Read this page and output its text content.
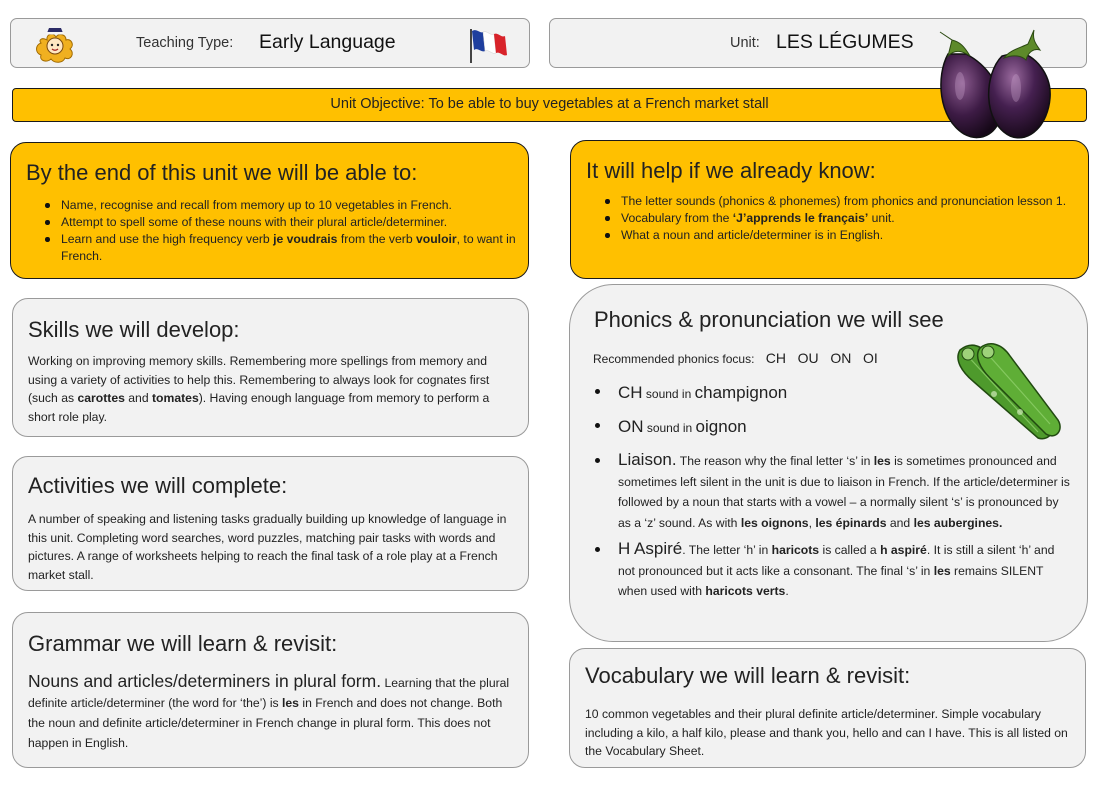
Teaching Type: Early Language	Unit: LES LÉGUMES
Unit Objective: To be able to buy vegetables at a French market stall
By the end of this unit we will be able to:
Name, recognise and recall from memory up to 10 vegetables in French.
Attempt to spell some of these nouns with their plural article/determiner.
Learn and use the high frequency verb je voudrais from the verb vouloir, to want in French.
It will help if we already know:
The letter sounds (phonics & phonemes) from phonics and pronunciation lesson 1.
Vocabulary from the ‘J’apprends le français’ unit.
What a noun and article/determiner is in English.
Skills we will develop:
Working on improving memory skills. Remembering more spellings from memory and using a variety of activities to help this. Remembering to always look for cognates first (such as carottes and tomates). Having enough language from memory to perform a short role play.
Activities we will complete:
A number of speaking and listening tasks gradually building up knowledge of language in this unit. Completing word searches, word puzzles, matching pair tasks with words and pictures. A range of worksheets helping to reach the final task of a role play at a French market stall.
Grammar we will learn & revisit:
Nouns and articles/determiners in plural form. Learning that the plural definite article/determiner (the word for ‘the’) is les in French and does not change. Both the noun and definite article/determiner in French change in plural form. This does not happen in English.
Phonics & pronunciation we will see
Recommended phonics focus: CH   OU   ON   OI
CH sound in champignon
ON sound in oignon
Liaison. The reason why the final letter ‘s’ in les is sometimes pronounced and sometimes left silent in the unit is due to liaison in French. If the article/determiner is followed by a noun that starts with a vowel – a normally silent ‘s’ is pronounced by as a ‘z’ sound. As with les oignons, les épinards and les aubergines.
H Aspiré. The letter ‘h’ in haricots is called a h aspiré. It is still a silent ‘h’ and not pronounced but it acts like a consonant. The final ‘s’ in les remains SILENT when used with haricots verts.
Vocabulary we will learn & revisit:
10 common vegetables and their plural definite article/determiner. Simple vocabulary including a kilo, a half kilo, please and thank you, hello and can I have. This is all listed on the Vocabulary Sheet.
